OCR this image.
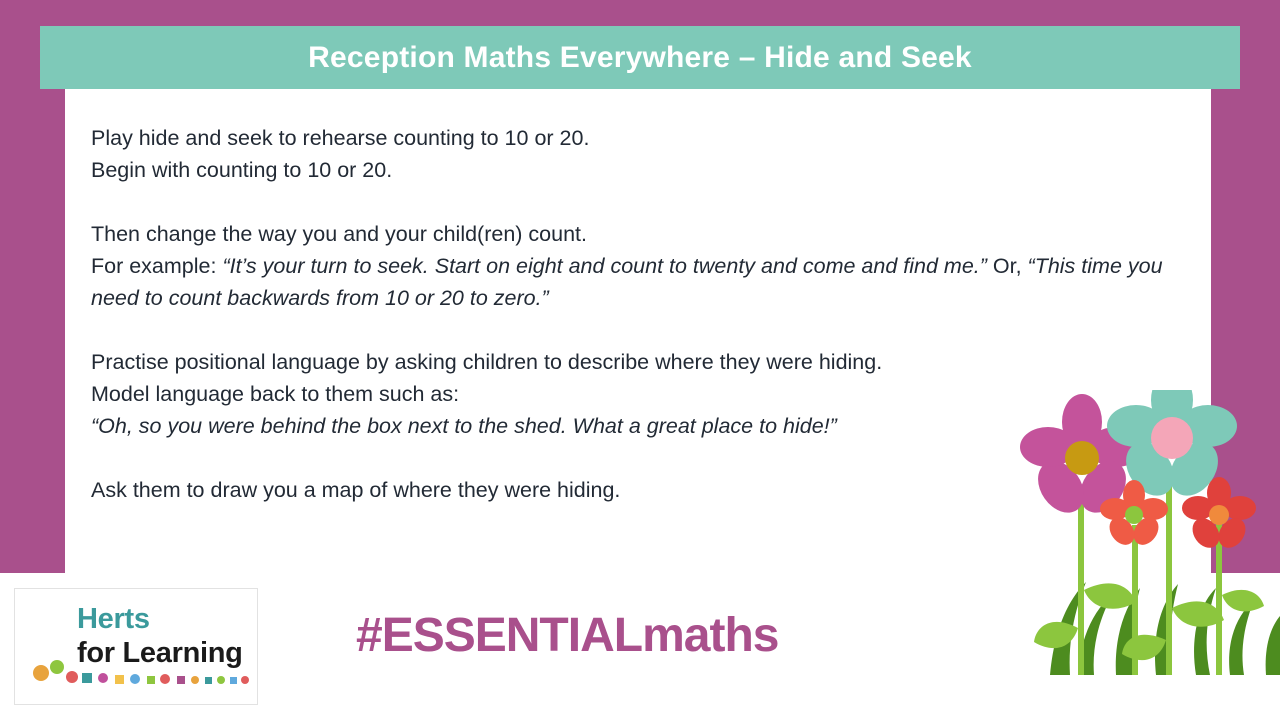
Reception Maths Everywhere – Hide and Seek

Play hide and seek to rehearse counting to 10 or 20.

Begin with counting to 10 or 20.

Then change the way you and your child(ren) count.

For example: “It’s your turn to seek. Start on eight and count to twenty and come and find me.” Or, “This time you need to count backwards from 10 or 20 to zero.”

Practise positional language by asking children to describe where they were hiding.

Model language back to them such as:

“Oh, so you were behind the box next to the shed. What a great place to hide!”

Ask them to draw you a map of where they were hiding.

Herts
for Learning #ESSENTIALmaths
